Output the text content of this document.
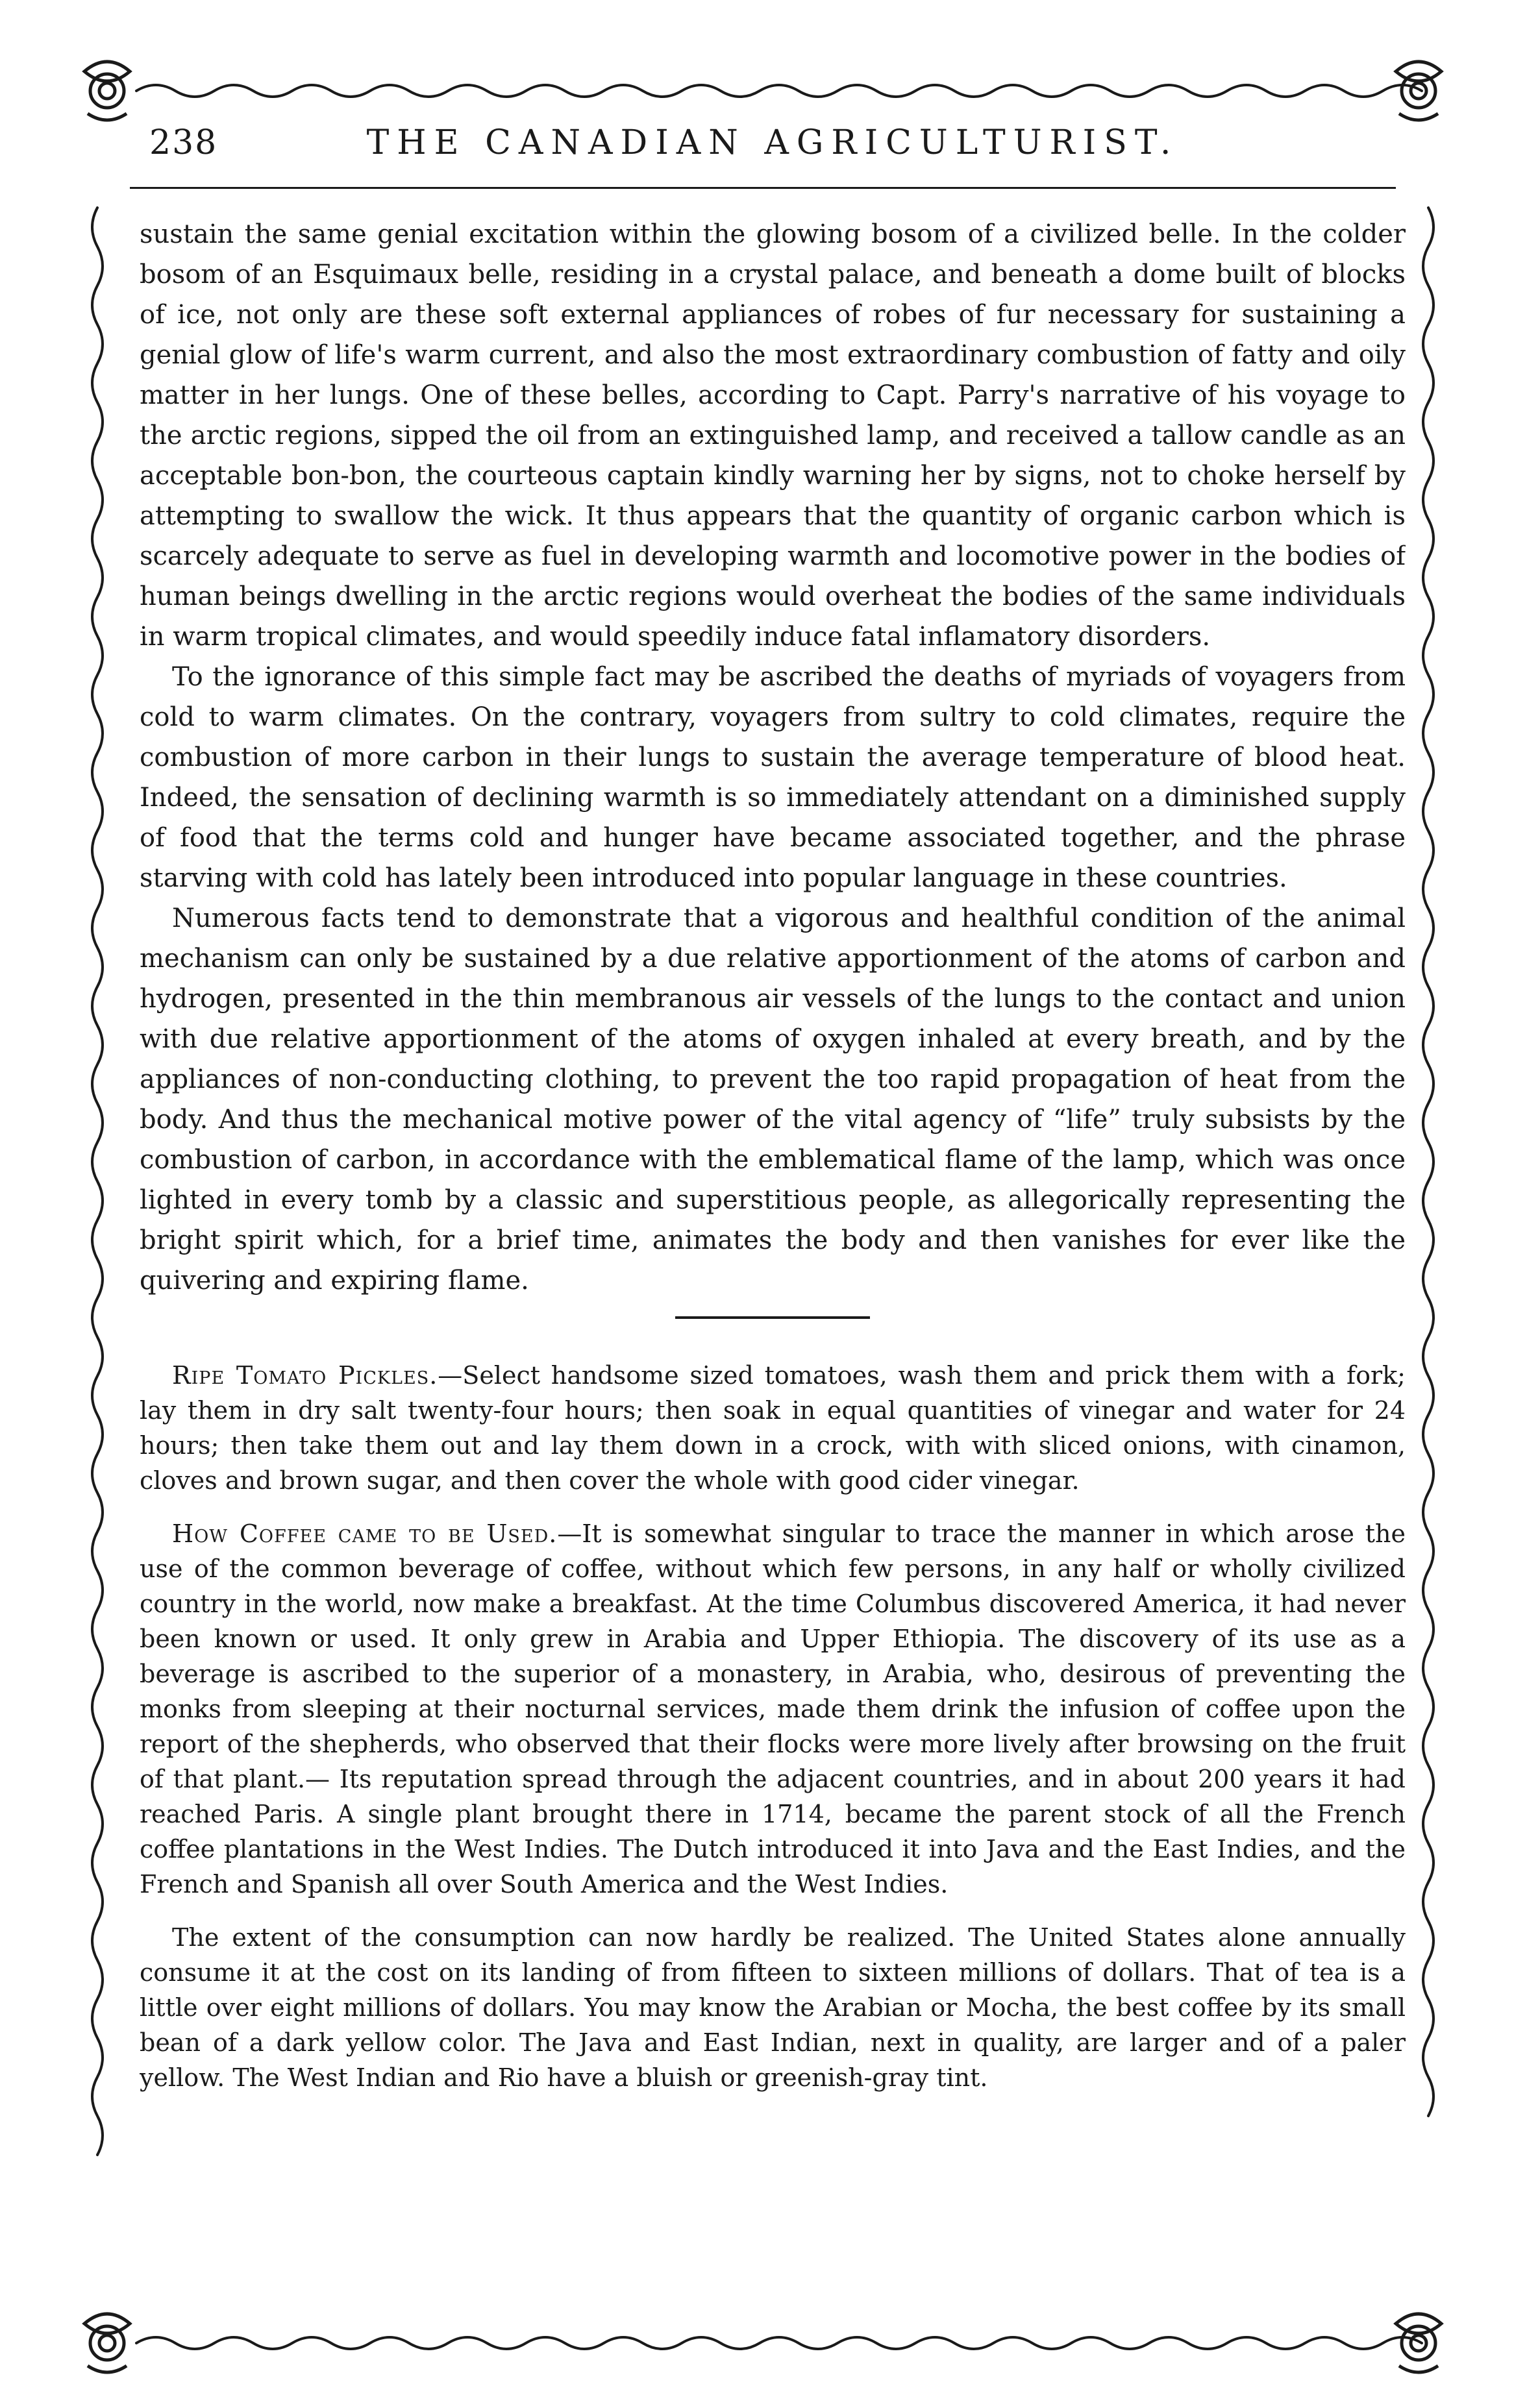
238	THE CANADIAN AGRICULTURIST.

sustain the same genial excitation within the glowing bosom of a civilized belle. In the colder bosom of an Esquimaux belle, residing in a crystal palace, and beneath a dome built of blocks of ice, not only are these soft external appliances of robes of fur necessary for sustaining a genial glow of life's warm current, and also the most extraordinary combustion of fatty and oily matter in her lungs. One of these belles, according to Capt. Parry's narrative of his voyage to the arctic regions, sipped the oil from an extinguished lamp, and received a tallow candle as an acceptable bon-bon, the courteous captain kindly warning her by signs, not to choke herself by attempting to swallow the wick. It thus appears that the quantity of organic carbon which is scarcely adequate to serve as fuel in developing warmth and locomotive power in the bodies of human beings dwelling in the arctic regions would overheat the bodies of the same individuals in warm tropical climates, and would speedily induce fatal inflamatory disorders.

To the ignorance of this simple fact may be ascribed the deaths of myriads of voyagers from cold to warm climates. On the contrary, voyagers from sultry to cold climates, require the combustion of more carbon in their lungs to sustain the average temperature of blood heat. Indeed, the sensation of declining warmth is so immediately attendant on a diminished supply of food that the terms cold and hunger have became associated together, and the phrase starving with cold has lately been introduced into popular language in these countries.

Numerous facts tend to demonstrate that a vigorous and healthful condition of the animal mechanism can only be sustained by a due relative apportionment of the atoms of carbon and hydrogen, presented in the thin membranous air vessels of the lungs to the contact and union with due relative apportionment of the atoms of oxygen inhaled at every breath, and by the appliances of non-conducting clothing, to prevent the too rapid propagation of heat from the body. And thus the mechanical motive power of the vital agency of “life” truly subsists by the combustion of carbon, in accordance with the emblematical flame of the lamp, which was once lighted in every tomb by a classic and superstitious people, as allegorically representing the bright spirit which, for a brief time, animates the body and then vanishes for ever like the quivering and expiring flame.

Ripe Tomato Pickles.—Select handsome sized tomatoes, wash them and prick them with a fork; lay them in dry salt twenty-four hours; then soak in equal quantities of vinegar and water for 24 hours; then take them out and lay them down in a crock, with with sliced onions, with cinamon, cloves and brown sugar, and then cover the whole with good cider vinegar.

How Coffee came to be Used.—It is somewhat singular to trace the manner in which arose the use of the common beverage of coffee, without which few persons, in any half or wholly civilized country in the world, now make a breakfast. At the time Columbus discovered America, it had never been known or used. It only grew in Arabia and Upper Ethiopia. The discovery of its use as a beverage is ascribed to the superior of a monastery, in Arabia, who, desirous of preventing the monks from sleeping at their nocturnal services, made them drink the infusion of coffee upon the report of the shepherds, who observed that their flocks were more lively after browsing on the fruit of that plant.— Its reputation spread through the adjacent countries, and in about 200 years it had reached Paris. A single plant brought there in 1714, became the parent stock of all the French coffee plantations in the West Indies. The Dutch introduced it into Java and the East Indies, and the French and Spanish all over South America and the West Indies.

The extent of the consumption can now hardly be realized. The United States alone annually consume it at the cost on its landing of from fifteen to sixteen millions of dollars. That of tea is a little over eight millions of dollars. You may know the Arabian or Mocha, the best coffee by its small bean of a dark yellow color. The Java and East Indian, next in quality, are larger and of a paler yellow. The West Indian and Rio have a bluish or greenish-gray tint.
